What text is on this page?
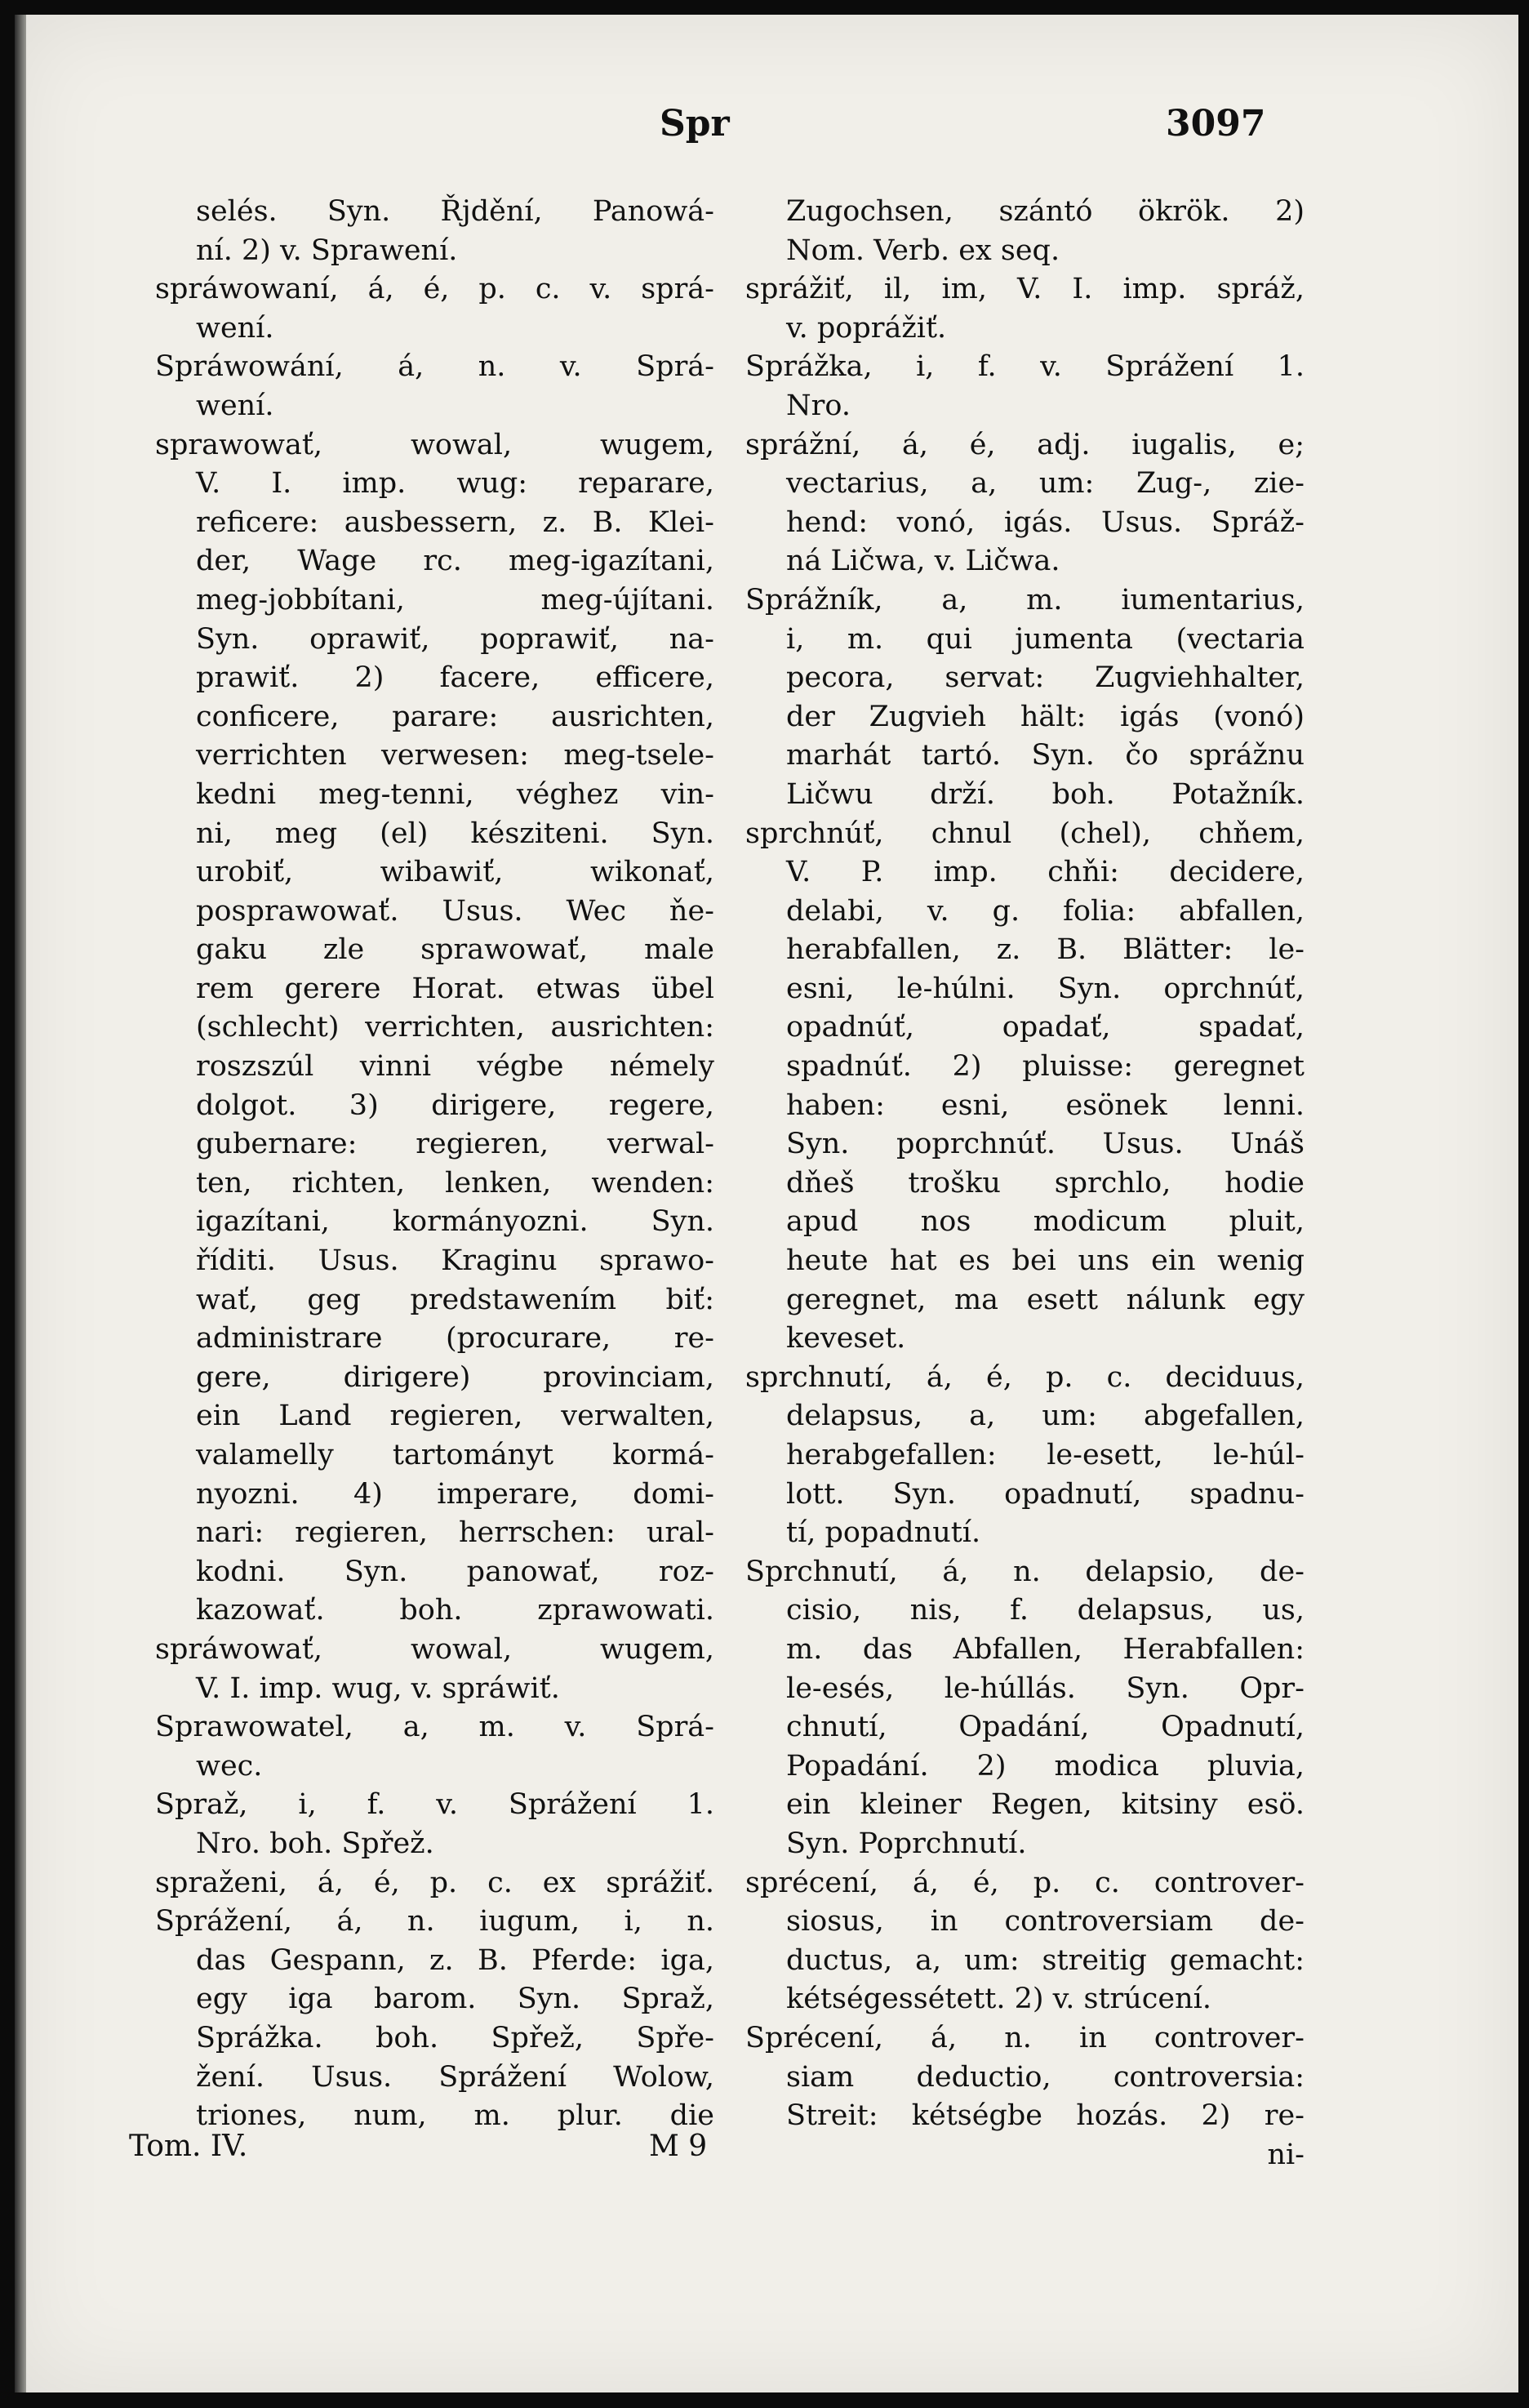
Spr	3097
selés. Syn. Řjdění, Panowá-
ní. 2) v. Sprawení.
spráwowaní, á, é, p. c. v. sprá-
wení.
Spráwowání, á, n. v. Sprá-
wení.
sprawowať, wowal, wugem,
V. I. imp. wug: reparare,
reficere: ausbessern, z. B. Klei-
der, Wage rc. meg-igazítani,
meg-jobbítani, meg-újítani.
Syn. oprawiť, poprawiť, na-
prawiť. 2) facere, efficere,
conficere, parare: ausrichten,
verrichten verwesen: meg-tsele-
kedni meg-tenni, véghez vin-
ni, meg (el) késziteni. Syn.
urobiť, wibawiť, wikonať,
posprawowať. Usus. Wec ňe-
gaku zle sprawowať, male
rem gerere Horat. etwas übel
(schlecht) verrichten, ausrichten:
roszszúl vinni végbe némely
dolgot. 3) dirigere, regere,
gubernare: regieren, verwal-
ten, richten, lenken, wenden:
igazítani, kormányozni. Syn.
říditi. Usus. Kraginu sprawo-
wať, geg predstawením biť:
administrare (procurare, re-
gere, dirigere) provinciam,
ein Land regieren, verwalten,
valamelly tartományt kormá-
nyozni. 4) imperare, domi-
nari: regieren, herrschen: ural-
kodni. Syn. panowať, roz-
kazowať. boh. zprawowati.
spráwowať, wowal, wugem,
V. I. imp. wug, v. spráwiť.
Sprawowatel, a, m. v. Sprá-
wec.
Spraž, i, f. v. Sprážení 1.
Nro. boh. Spřež.
spraženi, á, é, p. c. ex sprážiť.
Sprážení, á, n. iugum, i, n.
das Gespann, z. B. Pferde: iga,
egy iga barom. Syn. Spraž,
Sprážka. boh. Spřež, Spře-
žení. Usus. Sprážení Wolow,
triones, num, m. plur. die
Zugochsen, szántó ökrök. 2)
Nom. Verb. ex seq.
sprážiť, il, im, V. I. imp. spráž,
v. poprážiť.
Sprážka, i, f. v. Sprážení 1.
Nro.
sprážní, á, é, adj. iugalis, e;
vectarius, a, um: Zug-, zie-
hend: vonó, igás. Usus. Spráž-
ná Ličwa, v. Ličwa.
Sprážník, a, m. iumentarius,
i, m. qui jumenta (vectaria
pecora, servat: Zugviehhalter,
der Zugvieh hält: igás (vonó)
marhát tartó. Syn. čo sprážnu
Ličwu drží. boh. Potažník.
sprchnúť, chnul (chel), chňem,
V. P. imp. chňi: decidere,
delabi, v. g. folia: abfallen,
herabfallen, z. B. Blätter: le-
esni, le-húlni. Syn. oprchnúť,
opadnúť, opadať, spadať,
spadnúť. 2) pluisse: geregnet
haben: esni, esönek lenni.
Syn. poprchnúť. Usus. Unáš
dňeš trošku sprchlo, hodie
apud nos modicum pluit,
heute hat es bei uns ein wenig
geregnet, ma esett nálunk egy
keveset.
sprchnutí, á, é, p. c. deciduus,
delapsus, a, um: abgefallen,
herabgefallen: le-esett, le-húl-
lott. Syn. opadnutí, spadnu-
tí, popadnutí.
Sprchnutí, á, n. delapsio, de-
cisio, nis, f. delapsus, us,
m. das Abfallen, Herabfallen:
le-esés, le-húllás. Syn. Opr-
chnutí, Opadání, Opadnutí,
Popadání. 2) modica pluvia,
ein kleiner Regen, kitsiny esö.
Syn. Poprchnutí.
sprécení, á, é, p. c. controver-
siosus, in controversiam de-
ductus, a, um: streitig gemacht:
kétségessétett. 2) v. strúcení.
Sprécení, á, n. in controver-
siam deductio, controversia:
Streit: kétségbe hozás. 2) re-
ni-
Tom. IV.	M 9
